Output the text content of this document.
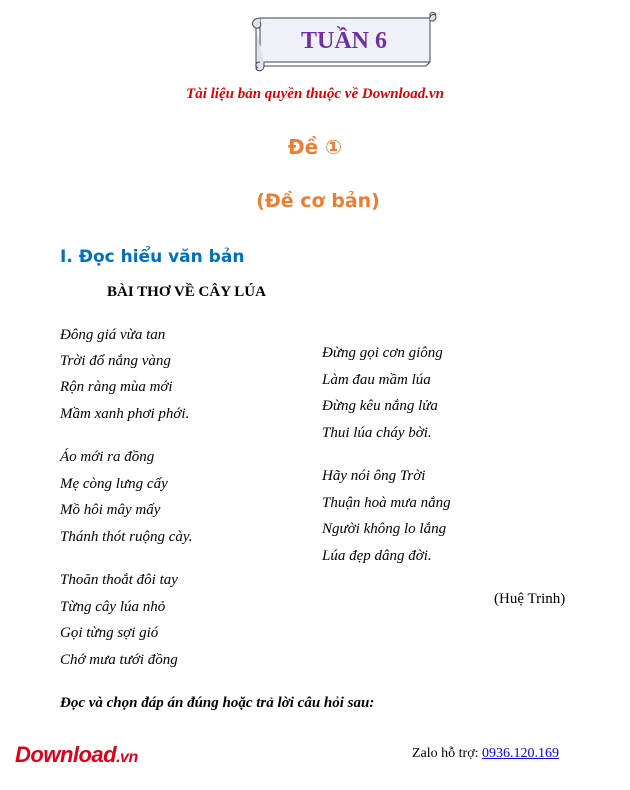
TUẦN 6
Tài liệu bản quyền thuộc về Download.vn
Đề ①
(Đề cơ bản)
I. Đọc hiểu văn bản
BÀI THƠ VỀ CÂY LÚA
Đông giá vừa tan
Trời đổ nắng vàng
Rộn ràng mùa mới
Mầm xanh phơi phới.
Áo mới ra đồng
Mẹ còng lưng cấy
Mồ hôi mây mấy
Thánh thót ruộng cày.
Thoăn thoắt đôi tay
Từng cây lúa nhỏ
Gọi từng sợi gió
Chớ mưa tưới đồng
Đừng gọi cơn giông
Làm đau mầm lúa
Đừng kêu nắng lửa
Thui lúa cháy bời.
Hãy nói ông Trời
Thuận hoà mưa nắng
Người không lo lắng
Lúa đẹp dâng đời.
(Huệ Trinh)
Đọc và chọn đáp án đúng hoặc trả lời câu hỏi sau:
Download.vn	Zalo hỗ trợ: 0936.120.169
